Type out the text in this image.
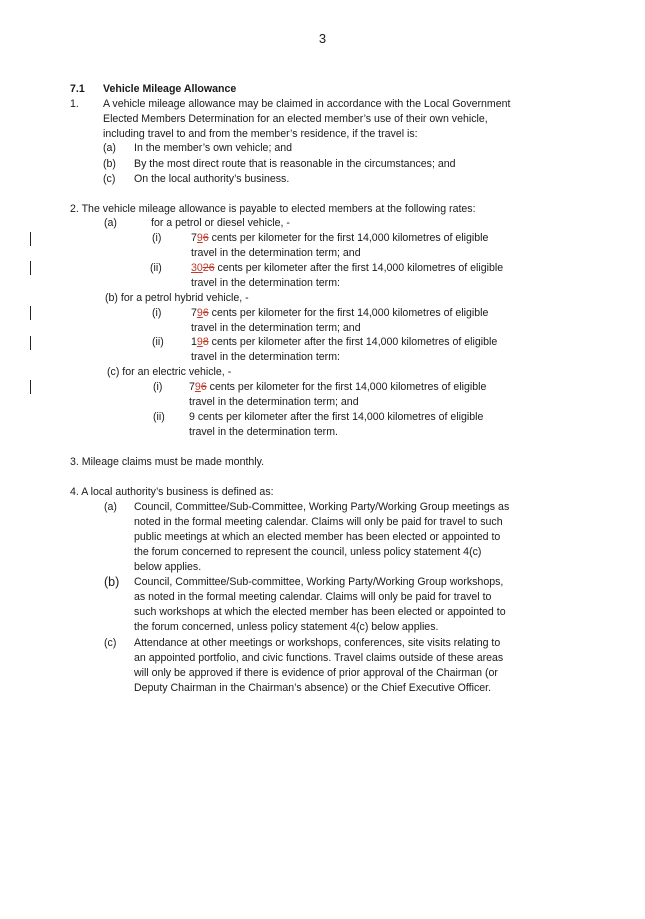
3
7.1 Vehicle Mileage Allowance
1. A vehicle mileage allowance may be claimed in accordance with the Local Government
Elected Members Determination for an elected member’s use of their own vehicle,
including travel to and from the member’s residence, if the travel is:
(a) In the member’s own vehicle; and
(b) By the most direct route that is reasonable in the circumstances; and
(c) On the local authority’s business.
2. The vehicle mileage allowance is payable to elected members at the following rates:
(a)	for a petrol or diesel vehicle, -
(i)	796 cents per kilometer for the first 14,000 kilometres of eligible
travel in the determination term; and
(ii)	3026 cents per kilometer after the first 14,000 kilometres of eligible
travel in the determination term:
(b) for a petrol hybrid vehicle, -
(i)	796 cents per kilometer for the first 14,000 kilometres of eligible
travel in the determination term; and
(ii)	198 cents per kilometer after the first 14,000 kilometres of eligible
travel in the determination term:
(c) for an electric vehicle, -
(i)	796 cents per kilometer for the first 14,000 kilometres of eligible
travel in the determination term; and
(ii) 9 cents per kilometer after the first 14,000 kilometres of eligible
travel in the determination term.
3. Mileage claims must be made monthly.
4. A local authority’s business is defined as:
(a) Council, Committee/Sub-Committee, Working Party/Working Group meetings as
noted in the formal meeting calendar. Claims will only be paid for travel to such
public meetings at which an elected member has been elected or appointed to
the forum concerned to represent the council, unless policy statement 4(c)
below applies.
(b) Council, Committee/Sub-committee, Working Party/Working Group workshops,
as noted in the formal meeting calendar. Claims will only be paid for travel to
such workshops at which the elected member has been elected or appointed to
the forum concerned, unless policy statement 4(c) below applies.
(c) Attendance at other meetings or workshops, conferences, site visits relating to
an appointed portfolio, and civic functions. Travel claims outside of these areas
will only be approved if there is evidence of prior approval of the Chairman (or
Deputy Chairman in the Chairman’s absence) or the Chief Executive Officer.
